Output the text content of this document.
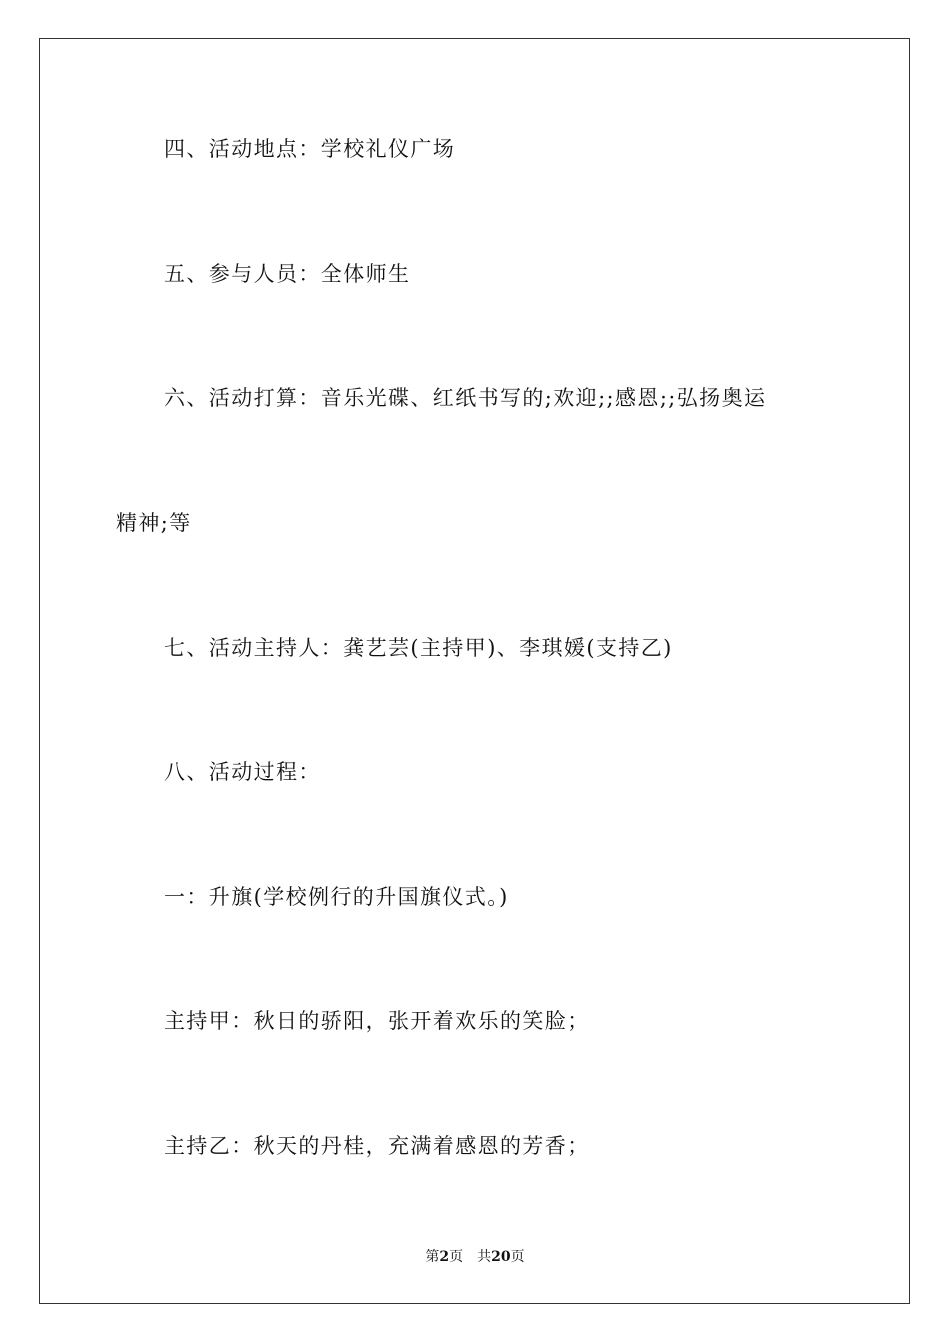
四、活动地点：学校礼仪广场
五、参与人员：全体师生
六、活动打算：音乐光碟、红纸书写的;欢迎;;感恩;;弘扬奥运
精神;等
七、活动主持人：龚艺芸(主持甲)、李琪媛(支持乙)
八、活动过程：
一：升旗(学校例行的升国旗仪式。)
主持甲：秋日的骄阳，张开着欢乐的笑脸；
主持乙：秋天的丹桂，充满着感恩的芳香；
第2页 共20页
